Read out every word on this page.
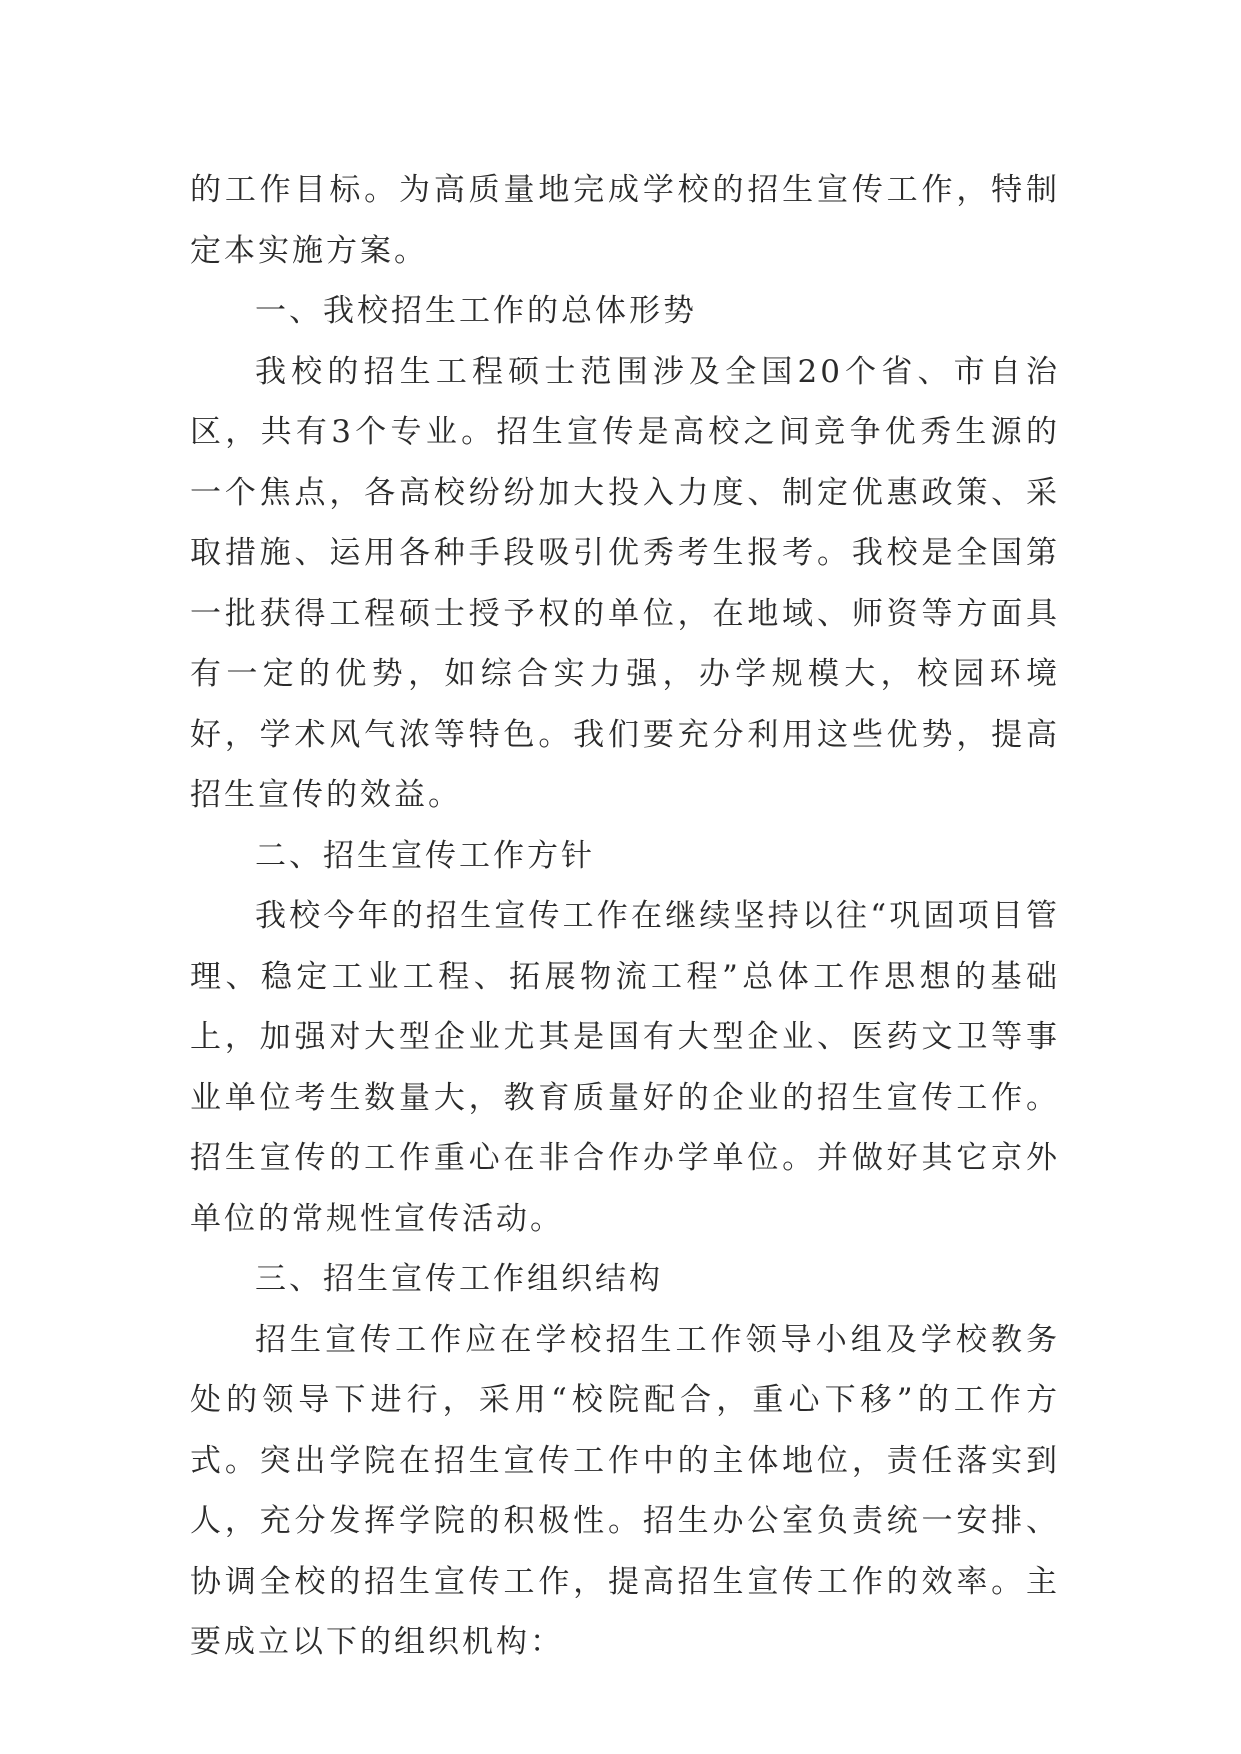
的工作目标。为高质量地完成学校的招生宣传工作，特制定本实施方案。

一、我校招生工作的总体形势

我校的招生工程硕士范围涉及全国20个省、市自治区，共有3个专业。招生宣传是高校之间竞争优秀生源的一个焦点，各高校纷纷加大投入力度、制定优惠政策、采取措施、运用各种手段吸引优秀考生报考。我校是全国第一批获得工程硕士授予权的单位，在地域、师资等方面具有一定的优势，如综合实力强，办学规模大，校园环境好，学术风气浓等特色。我们要充分利用这些优势，提高招生宣传的效益。

二、招生宣传工作方针

我校今年的招生宣传工作在继续坚持以往“巩固项目管理、稳定工业工程、拓展物流工程”总体工作思想的基础上，加强对大型企业尤其是国有大型企业、医药文卫等事业单位考生数量大，教育质量好的企业的招生宣传工作。招生宣传的工作重心在非合作办学单位。并做好其它京外单位的常规性宣传活动。

三、招生宣传工作组织结构

招生宣传工作应在学校招生工作领导小组及学校教务处的领导下进行，采用“校院配合，重心下移”的工作方式。突出学院在招生宣传工作中的主体地位，责任落实到人，充分发挥学院的积极性。招生办公室负责统一安排、协调全校的招生宣传工作，提高招生宣传工作的效率。主要成立以下的组织机构：
